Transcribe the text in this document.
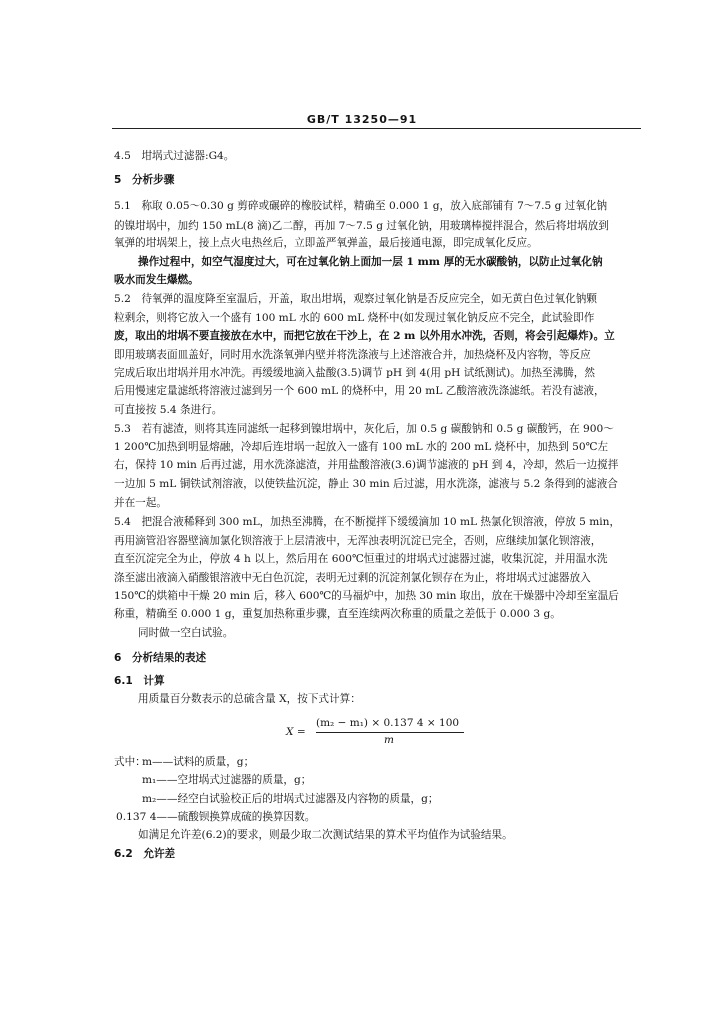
GB/T 13250—91
4.5　坩埚式过滤器:G4。
5　分析步骤
5.1　称取 0.05～0.30 g 剪碎或碾碎的橡胶试样，精确至 0.000 1 g，放入底部铺有 7～7.5 g 过氧化钠
的镍坩埚中，加约 150 mL(8 滴)乙二醇，再加 7～7.5 g 过氧化钠，用玻璃棒搅拌混合，然后将坩埚放到
氧弹的坩埚架上，接上点火电热丝后，立即盖严氧弹盖，最后接通电源，即完成氧化反应。
操作过程中，如空气湿度过大，可在过氧化钠上面加一层 1 mm 厚的无水碳酸钠，以防止过氧化钠
吸水而发生爆燃。
5.2　待氧弹的温度降至室温后，开盖，取出坩埚，观察过氧化钠是否反应完全，如无黄白色过氧化钠颗
粒剩余，则将它放入一个盛有 100 mL 水的 600 mL 烧杯中(如发现过氧化钠反应不完全，此试验即作
废，取出的坩埚不要直接放在水中，而把它放在干沙上，在 2 m 以外用水冲洗，否则，将会引起爆炸)。立
即用玻璃表面皿盖好，同时用水洗涤氧弹内壁并将洗涤液与上述溶液合并，加热烧杯及内容物，等反应
完成后取出坩埚并用水冲洗。再缓缓地滴入盐酸(3.5)调节 pH 到 4(用 pH 试纸测试)。加热至沸腾，然
后用慢速定量滤纸将溶液过滤到另一个 600 mL 的烧杯中，用 20 mL 乙酸溶液洗涤滤纸。若没有滤液，
可直接按 5.4 条进行。
5.3　若有滤渣，则将其连同滤纸一起移到镍坩埚中，灰化后，加 0.5 g 碳酸钠和 0.5 g 碳酸钙，在 900～
1 200℃加热到明显熔融，冷却后连坩埚一起放入一盛有 100 mL 水的 200 mL 烧杯中，加热到 50℃左
右，保持 10 min 后再过滤，用水洗涤滤渣，并用盐酸溶液(3.6)调节滤液的 pH 到 4，冷却，然后一边搅拌
一边加 5 mL 铜铁试剂溶液，以使铁盐沉淀，静止 30 min 后过滤，用水洗涤，滤液与 5.2 条得到的滤液合
并在一起。
5.4　把混合液稀释到 300 mL，加热至沸腾，在不断搅拌下缓缓滴加 10 mL 热氯化钡溶液，停放 5 min，
再用滴管沿容器壁滴加氯化钡溶液于上层清液中，无浑浊表明沉淀已完全，否则，应继续加氯化钡溶液，
直至沉淀完全为止，停放 4 h 以上，然后用在 600℃恒重过的坩埚式过滤器过滤，收集沉淀，并用温水洗
涤至滤出液滴入硝酸银溶液中无白色沉淀，表明无过剩的沉淀剂氯化钡存在为止，将坩埚式过滤器放入
150℃的烘箱中干燥 20 min 后，移入 600℃的马福炉中，加热 30 min 取出，放在干燥器中冷却至室温后
称重，精确至 0.000 1 g，重复加热称重步骤，直至连续两次称重的质量之差低于 0.000 3 g。
同时做一空白试验。
6　分析结果的表述
6.1　计算
用质量百分数表示的总硫含量 X，按下式计算：
X =
(m₂ − m₁) × 0.137 4 × 100
m
式中：
m——试料的质量，g；
m₁——空坩埚式过滤器的质量，g；
m₂——经空白试验校正后的坩埚式过滤器及内容物的质量，g；
0.137 4——硫酸钡换算成硫的换算因数。
如满足允许差(6.2)的要求，则最少取二次测试结果的算术平均值作为试验结果。
6.2　允许差
